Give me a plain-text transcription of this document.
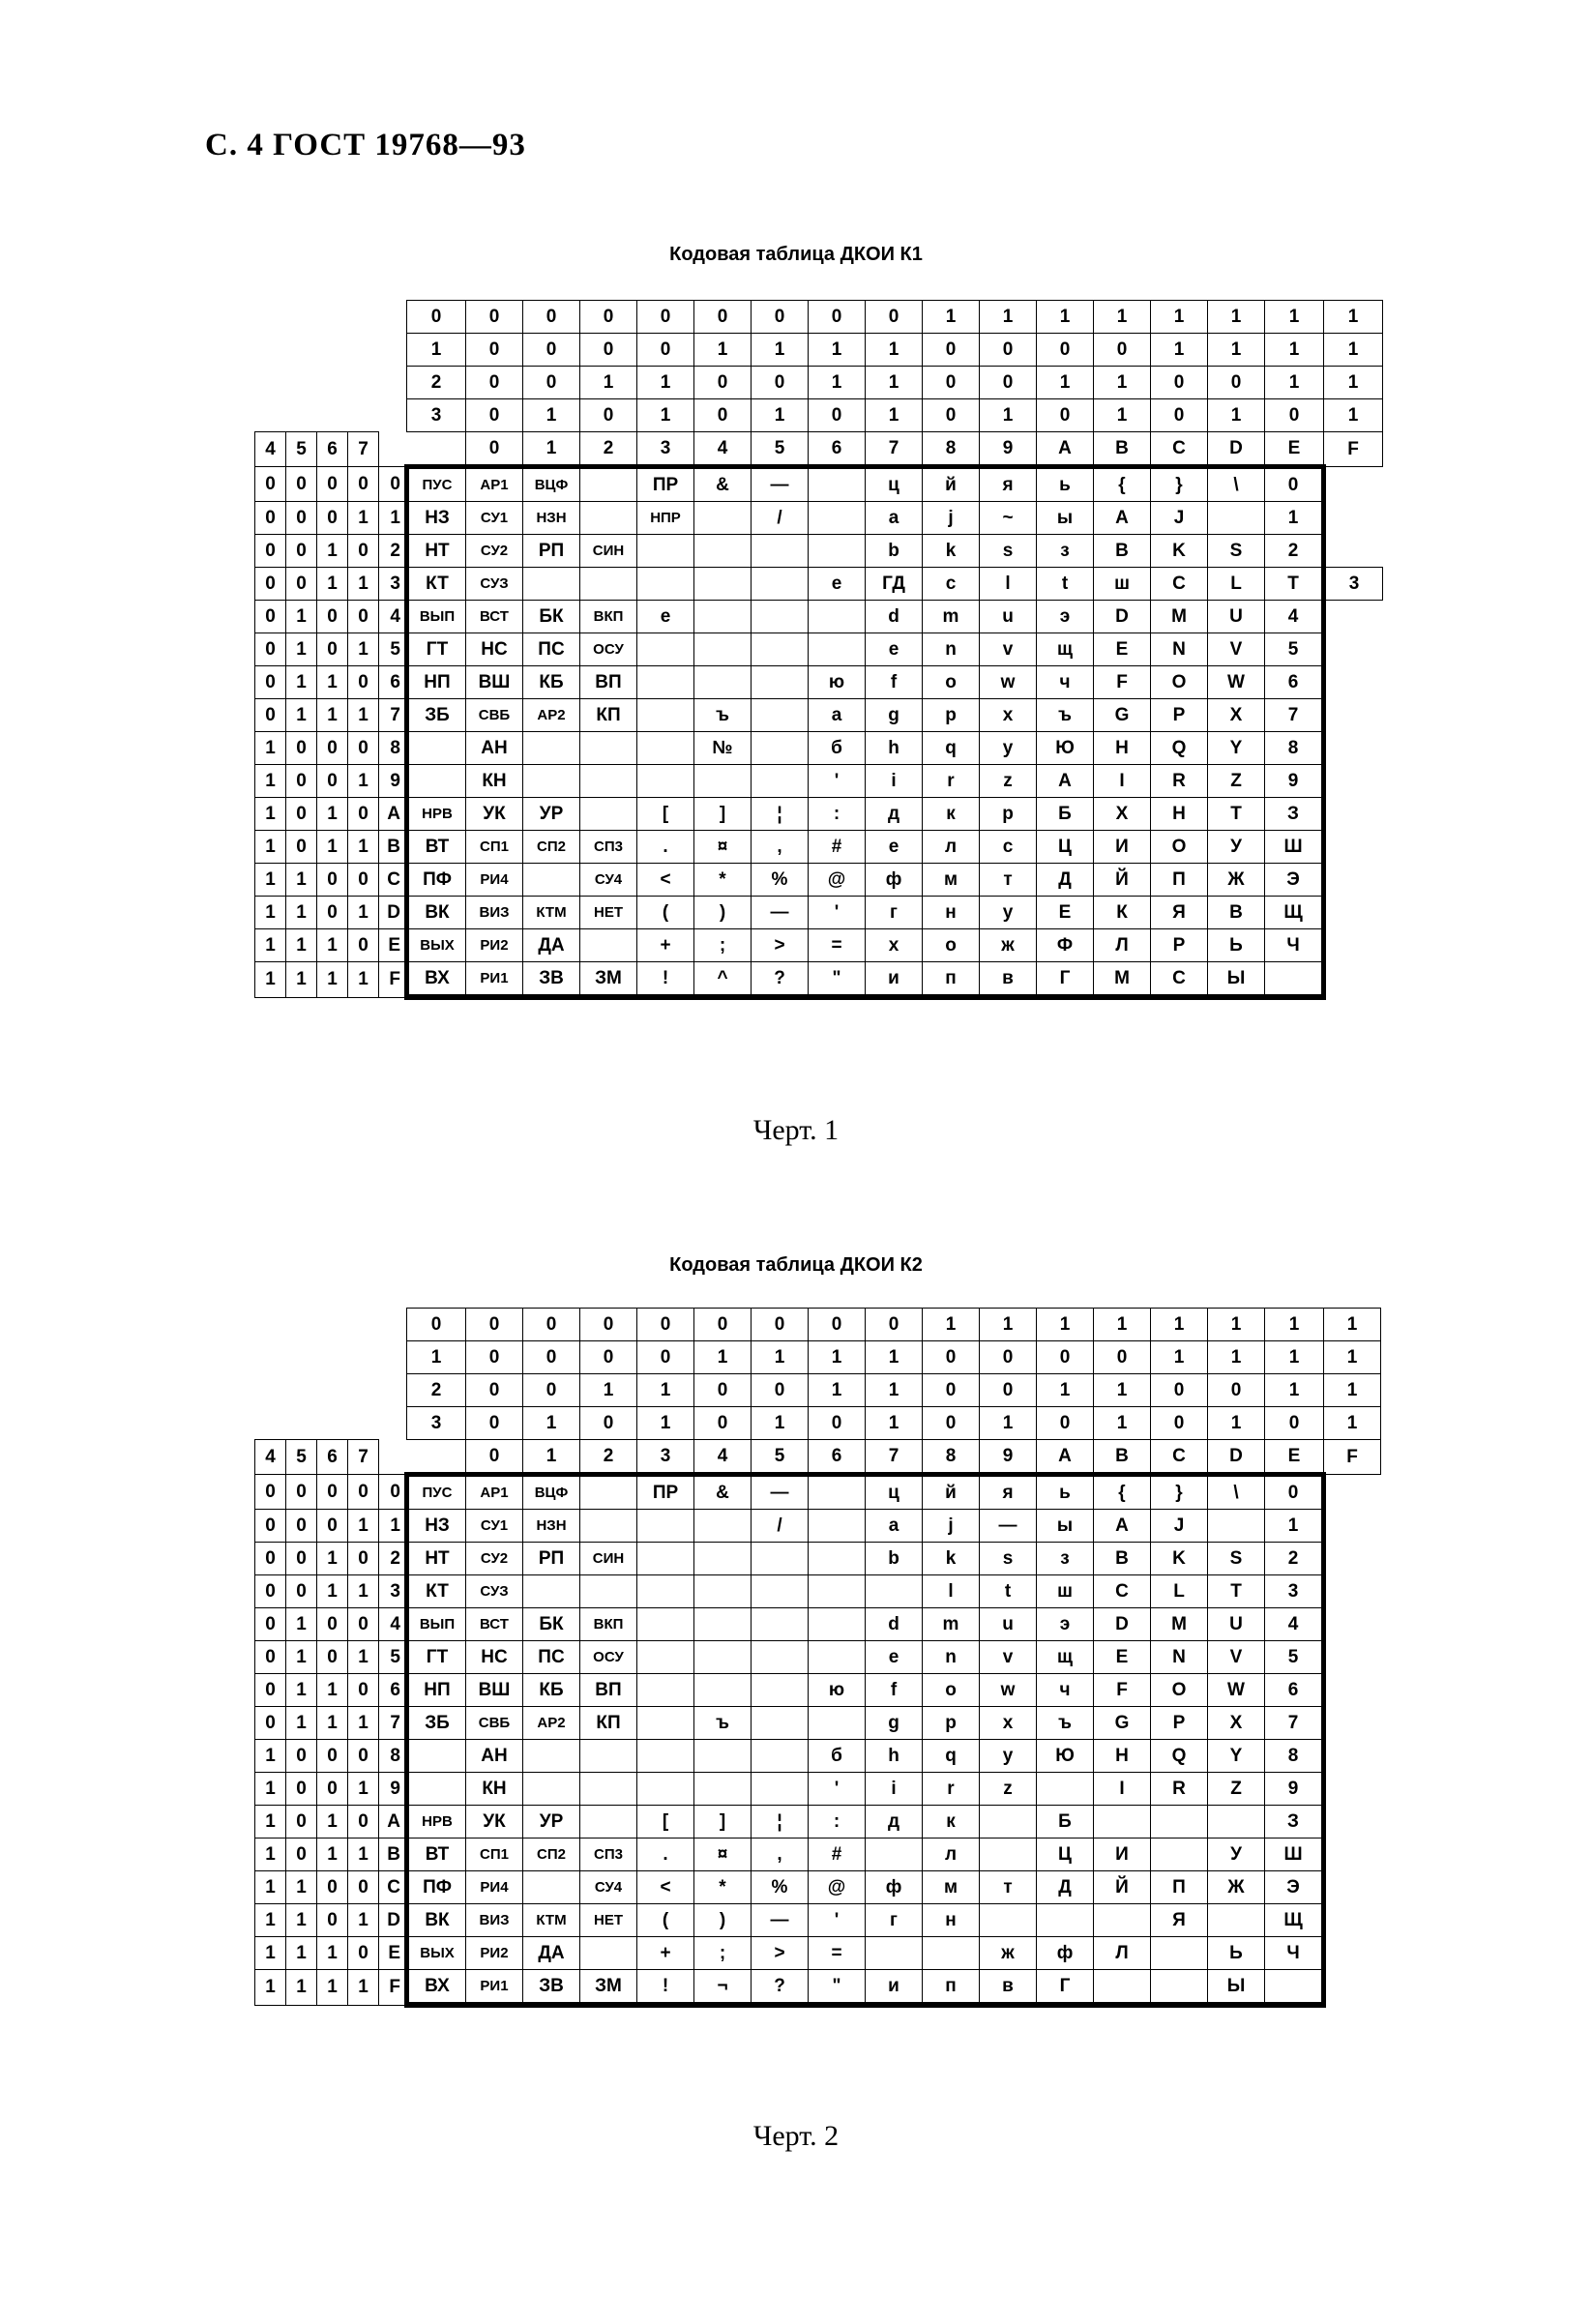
С. 4 ГОСТ 19768—93
Кодовая таблица ДКОИ К1
					0	0	0	0	0	0	0	0	0	1	1	1	1	1	1	1	1
					1	0	0	0	0	1	1	1	1	0	0	0	0	1	1	1	1
					2	0	0	1	1	0	0	1	1	0	0	1	1	0	0	1	1
					3	0	1	0	1	0	1	0	1	0	1	0	1	0	1	0	1
4	5	6	7			0	1	2	3	4	5	6	7	8	9	A	B	C	D	E	F
0	0	0	0	0	ПУС	АР1	ВЦФ		ПР	&	—		ц	й	я	ь	{	}	\	0	
0	0	0	1	1	НЗ	СУ1	НЗН		НПР		/		a	j	~	ы	А	J		1	
0	0	1	0	2	НТ	СУ2	РП	СИН					b	k	s	з	В	K	S	2	
0	0	1	1	3	КТ	СУЗ						е	ГД	c	l	t	ш	С	L	T	3
0	1	0	0	4	ВЫП	ВСТ	БК	ВКП	е				d	m	u	э	D	M	U	4	
0	1	0	1	5	ГТ	НС	ПС	ОСУ					e	n	v	щ	E	N	V	5	
0	1	1	0	6	НП	ВШ	КБ	ВП				ю	f	o	w	ч	F	O	W	6	
0	1	1	1	7	ЗБ	СВБ	АР2	КП		ъ		a	g	p	x	ъ	G	P	X	7	
1	0	0	0	8		АН				№		б	h	q	y	Ю	H	Q	Y	8	
1	0	0	1	9		КН						'	i	r	z	А	I	R	Z	9	
1	0	1	0	A	НРВ	УК	УР		[	]	¦	:	д	к	р	Б	Х	Н	Т	З	
1	0	1	1	B	ВТ	СП1	СП2	СП3	.	¤	,	#	е	л	с	Ц	И	О	У	Ш	
1	1	0	0	C	ПФ	РИ4		СУ4	<	*	%	@	ф	м	т	Д	Й	П	Ж	Э	
1	1	0	1	D	ВК	ВИЗ	КТМ	НЕТ	(	)	—	'	г	н	у	Е	К	Я	В	Щ	
1	1	1	0	E	ВЫХ	РИ2	ДА		+	;	>	=	х	о	ж	Ф	Л	Р	Ь	Ч	
1	1	1	1	F	ВХ	РИ1	ЗВ	ЗМ	!	^	?	"	и	п	в	Г	М	С	Ы		
Черт. 1
Кодовая таблица ДКОИ К2
					0	0	0	0	0	0	0	0	0	1	1	1	1	1	1	1	1
					1	0	0	0	0	1	1	1	1	0	0	0	0	1	1	1	1
					2	0	0	1	1	0	0	1	1	0	0	1	1	0	0	1	1
					3	0	1	0	1	0	1	0	1	0	1	0	1	0	1	0	1
4	5	6	7			0	1	2	3	4	5	6	7	8	9	A	B	C	D	E	F
0	0	0	0	0	ПУС	АР1	ВЦФ		ПР	&	—		ц	й	я	ь	{	}	\	0	
0	0	0	1	1	НЗ	СУ1	НЗН				/		a	j	—	ы	А	J		1	
0	0	1	0	2	НТ	СУ2	РП	СИН					b	k	s	з	В	K	S	2	
0	0	1	1	3	КТ	СУЗ								l	t	ш	С	L	T	3	
0	1	0	0	4	ВЫП	ВСТ	БК	ВКП					d	m	u	э	D	M	U	4	
0	1	0	1	5	ГТ	НС	ПС	ОСУ					e	n	v	щ	E	N	V	5	
0	1	1	0	6	НП	ВШ	КБ	ВП				ю	f	o	w	ч	F	O	W	6	
0	1	1	1	7	ЗБ	СВБ	АР2	КП		ъ			g	p	x	ъ	G	P	X	7	
1	0	0	0	8		АН						б	h	q	y	Ю	H	Q	Y	8	
1	0	0	1	9		КН						'	i	r	z		I	R	Z	9	
1	0	1	0	A	НРВ	УК	УР		[	]	¦	:	д	к		Б				З	
1	0	1	1	B	ВТ	СП1	СП2	СП3	.	¤	,	#		л		Ц	И		У	Ш	
1	1	0	0	C	ПФ	РИ4		СУ4	<	*	%	@	ф	м	т	Д	Й	П	Ж	Э	
1	1	0	1	D	ВК	ВИЗ	КТМ	НЕТ	(	)	—	'	г	н				Я		Щ	
1	1	1	0	E	ВЫХ	РИ2	ДА		+	;	>	=			ж	ф	Л		Ь	Ч	
1	1	1	1	F	ВХ	РИ1	ЗВ	ЗМ	!	¬	?	"	и	п	в	Г			Ы		
Черт. 2
